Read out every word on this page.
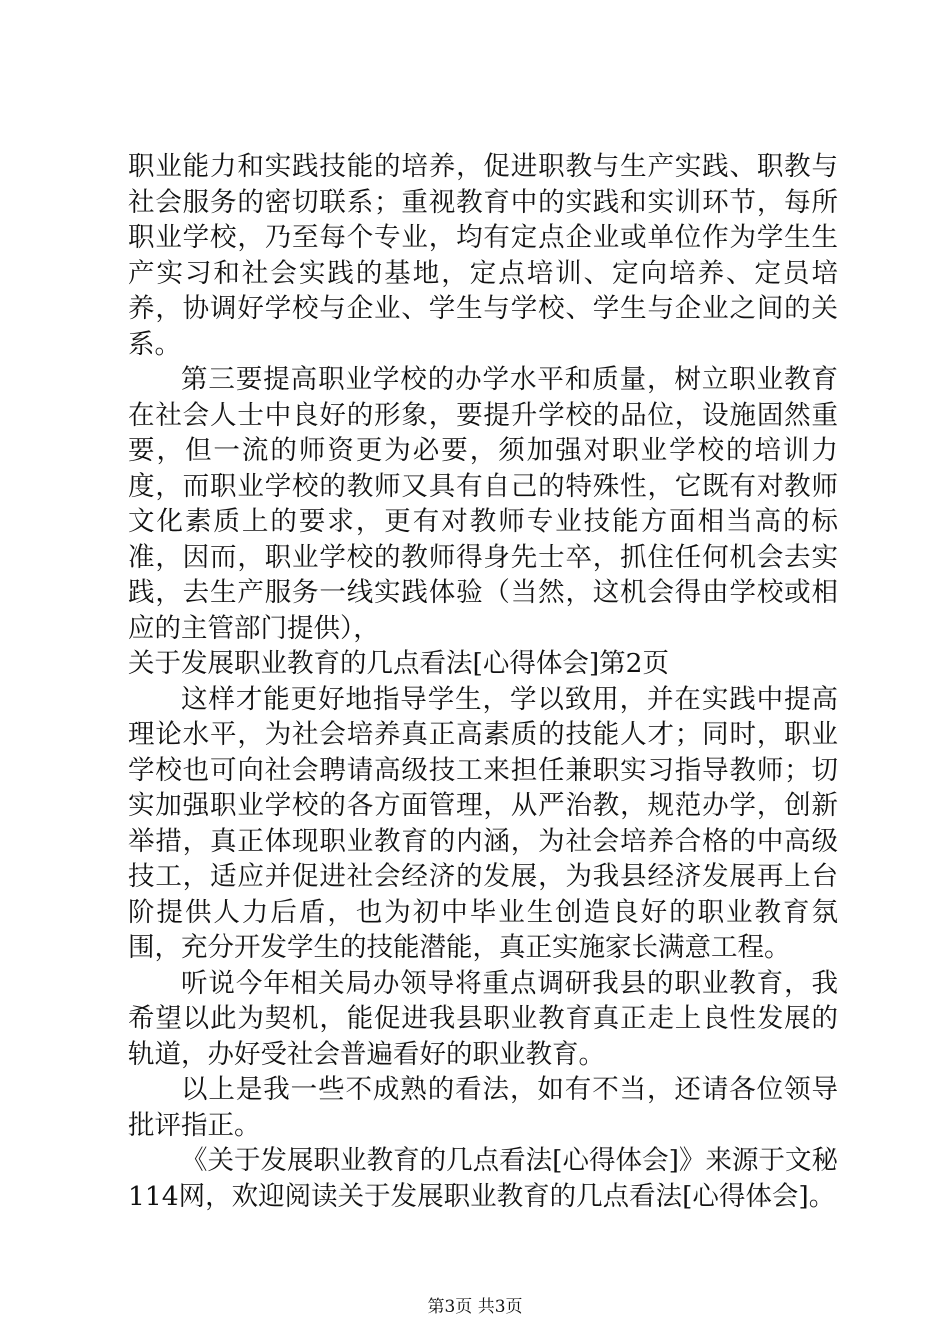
职业能力和实践技能的培养，促进职教与生产实践、职教与社会服务的密切联系；重视教育中的实践和实训环节，每所职业学校，乃至每个专业，均有定点企业或单位作为学生生产实习和社会实践的基地，定点培训、定向培养、定员培养，协调好学校与企业、学生与学校、学生与企业之间的关系。

第三要提高职业学校的办学水平和质量，树立职业教育在社会人士中良好的形象，要提升学校的品位，设施固然重要，但一流的师资更为必要，须加强对职业学校的培训力度，而职业学校的教师又具有自己的特殊性，它既有对教师文化素质上的要求，更有对教师专业技能方面相当高的标准，因而，职业学校的教师得身先士卒，抓住任何机会去实践，去生产服务一线实践体验（当然，这机会得由学校或相应的主管部门提供），

关于发展职业教育的几点看法[心得体会]第2页

这样才能更好地指导学生，学以致用，并在实践中提高理论水平，为社会培养真正高素质的技能人才；同时，职业学校也可向社会聘请高级技工来担任兼职实习指导教师；切实加强职业学校的各方面管理，从严治教，规范办学，创新举措，真正体现职业教育的内涵，为社会培养合格的中高级技工，适应并促进社会经济的发展，为我县经济发展再上台阶提供人力后盾，也为初中毕业生创造良好的职业教育氛围，充分开发学生的技能潜能，真正实施家长满意工程。

听说今年相关局办领导将重点调研我县的职业教育，我希望以此为契机，能促进我县职业教育真正走上良性发展的轨道，办好受社会普遍看好的职业教育。

以上是我一些不成熟的看法，如有不当，还请各位领导批评指正。

《关于发展职业教育的几点看法[心得体会]》来源于文秘114网，欢迎阅读关于发展职业教育的几点看法[心得体会]。

第3页 共3页
